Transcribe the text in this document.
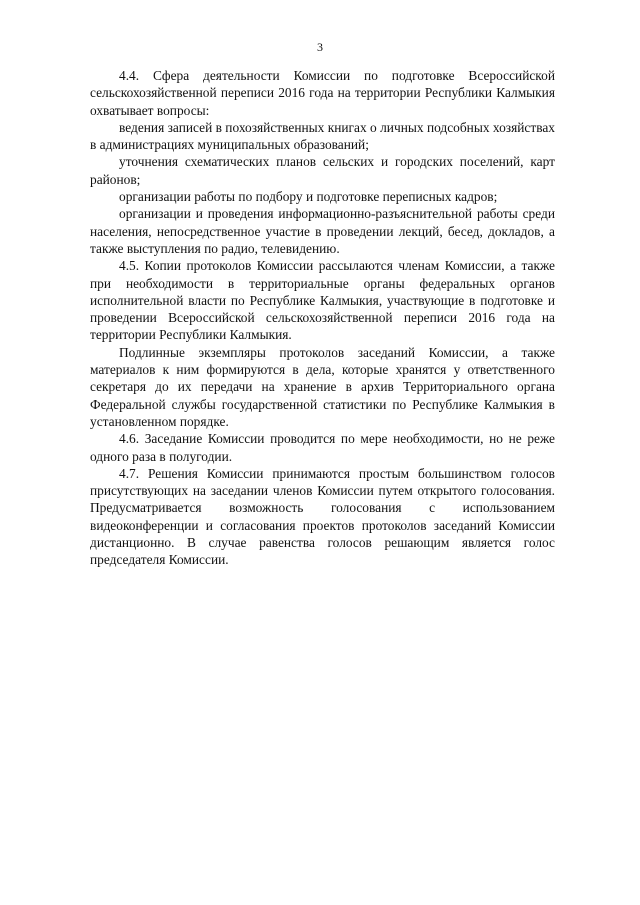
3

4.4. Сфера деятельности Комиссии по подготовке Всероссийской сельскохозяйственной переписи 2016 года на территории Республики Калмыкия охватывает вопросы:

ведения записей в похозяйственных книгах о личных подсобных хозяйствах в администрациях муниципальных образований;

уточнения схематических планов сельских и городских поселений, карт районов;

организации работы по подбору и подготовке переписных кадров;

организации и проведения информационно-разъяснительной работы среди населения, непосредственное участие в проведении лекций, бесед, докладов, а также выступления по радио, телевидению.

4.5. Копии протоколов Комиссии рассылаются членам Комиссии, а также при необходимости в территориальные органы федеральных органов исполнительной власти по Республике Калмыкия, участвующие в подготовке и проведении Всероссийской сельскохозяйственной переписи 2016 года на территории Республики Калмыкия.

Подлинные экземпляры протоколов заседаний Комиссии, а также материалов к ним формируются в дела, которые хранятся у ответственного секретаря до их передачи на хранение в архив Территориального органа Федеральной службы государственной статистики по Республике Калмыкия в установленном порядке.

4.6. Заседание Комиссии проводится по мере необходимости, но не реже одного раза в полугодии.

4.7. Решения Комиссии принимаются простым большинством голосов присутствующих на заседании членов Комиссии путем открытого голосования. Предусматривается возможность голосования с использованием видеоконференции и согласования проектов протоколов заседаний Комиссии дистанционно. В случае равенства голосов решающим является голос председателя Комиссии.
